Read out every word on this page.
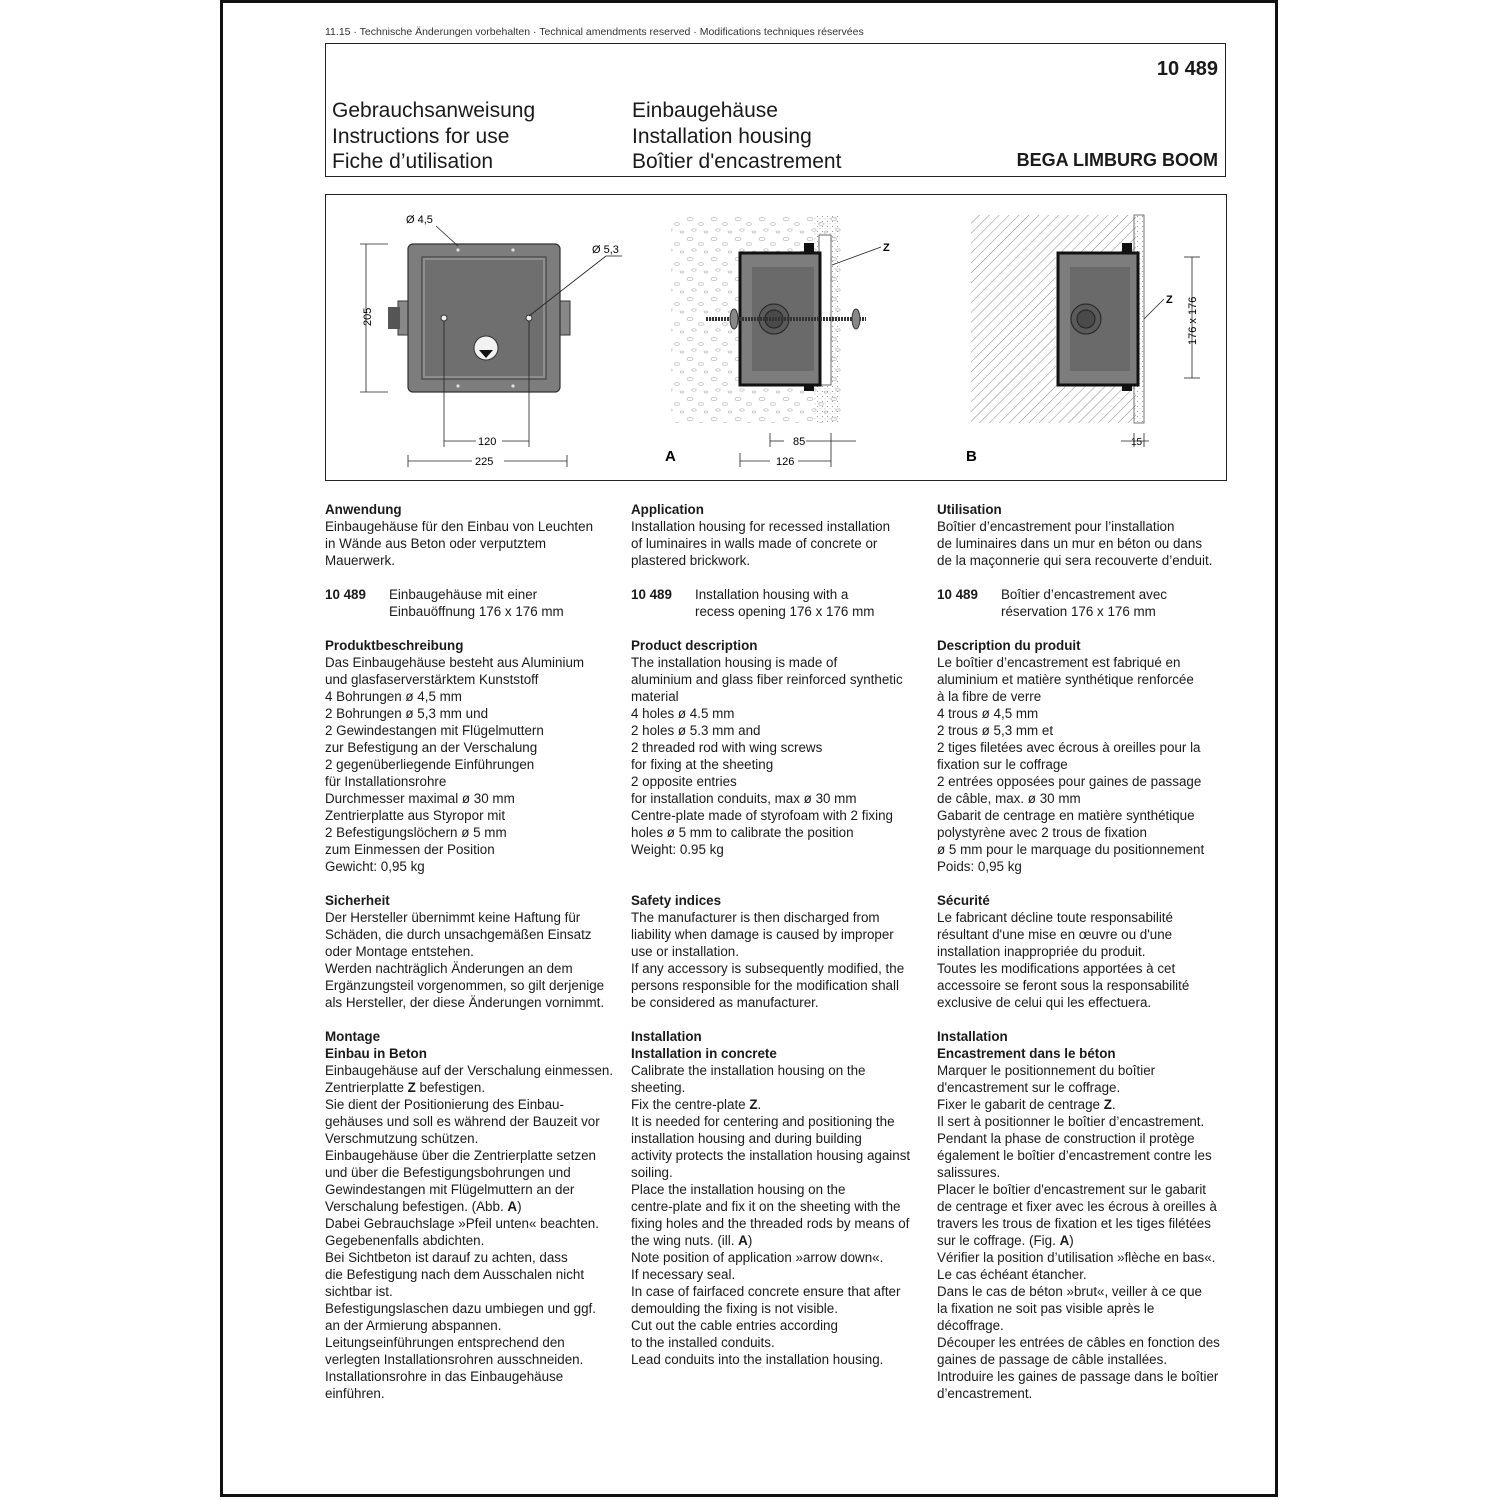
11.15 · Technische Änderungen vorbehalten · Technical amendments reserved · Modifications techniques réservées
10 489
Gebrauchsanweisung
Instructions for use
Fiche d’utilisation
Einbaugehäuse
Installation housing
Boîtier d'encastrement	BEGA LIMBURG BOOM
Ø 4,5
Ø 5,3
205
120
225
Z
85
126
A
Z 176 x 176
15
B
Anwendung

Einbaugehäuse für den Einbau von Leuchten

in Wände aus Beton oder verputztem

Mauerwerk.

10 489	Einbaugehäuse mit einer

Einbauöffnung 176 x 176 mm

Produktbeschreibung

Das Einbaugehäuse besteht aus Aluminium

und glasfaserverstärktem Kunststoff

4 Bohrungen ø 4,5 mm

2 Bohrungen ø 5,3 mm und

2 Gewindestangen mit Flügelmuttern

zur Befestigung an der Verschalung

2 gegenüberliegende Einführungen

für Installationsrohre

Durchmesser maximal ø 30 mm

Zentrierplatte aus Styropor mit

2 Befestigungslöchern ø 5 mm

zum Einmessen der Position

Gewicht: 0,95 kg

Sicherheit

Der Hersteller übernimmt keine Haftung für

Schäden, die durch unsachgemäßen Einsatz

oder Montage entstehen.

Werden nachträglich Änderungen an dem

Ergänzungsteil vorgenommen, so gilt derjenige

als Hersteller, der diese Änderungen vornimmt.

Montage
Einbau in Beton

Einbaugehäuse auf der Verschalung einmessen.

Zentrierplatte Z befestigen.

Sie dient der Positionierung des Einbau-

gehäuses und soll es während der Bauzeit vor

Verschmutzung schützen.

Einbaugehäuse über die Zentrierplatte setzen

und über die Befestigungsbohrungen und

Gewindestangen mit Flügelmuttern an der

Verschalung befestigen. (Abb. A)

Dabei Gebrauchslage »Pfeil unten« beachten.

Gegebenenfalls abdichten.

Bei Sichtbeton ist darauf zu achten, dass

die Befestigung nach dem Ausschalen nicht

sichtbar ist.

Befestigungslaschen dazu umbiegen und ggf.

an der Armierung abspannen.

Leitungseinführungen entsprechend den

verlegten Installationsrohren ausschneiden.

Installationsrohre in das Einbaugehäuse

einführen.

Application

Installation housing for recessed installation

of luminaires in walls made of concrete or

plastered brickwork.

10 489	Installation housing with a

recess opening 176 x 176 mm

Product description

The installation housing is made of

aluminium and glass fiber reinforced synthetic

material

4 holes ø 4.5 mm

2 holes ø 5.3 mm and

2 threaded rod with wing screws

for fixing at the sheeting

2 opposite entries

for installation conduits, max ø 30 mm

Centre-plate made of styrofoam with 2 fixing

holes ø 5 mm to calibrate the position

Weight: 0.95 kg

Safety indices

The manufacturer is then discharged from

liability when damage is caused by improper

use or installation.

If any accessory is subsequently modified, the

persons responsible for the modification shall

be considered as manufacturer.

Installation
Installation in concrete

Calibrate the installation housing on the

sheeting.

Fix the centre-plate Z.

It is needed for centering and positioning the

installation housing and during building

activity protects the installation housing against

soiling.

Place the installation housing on the

centre-plate and fix it on the sheeting with the

fixing holes and the threaded rods by means of

the wing nuts. (ill. A)

Note position of application »arrow down«.

If necessary seal.

In case of fairfaced concrete ensure that after

demoulding the fixing is not visible.

Cut out the cable entries according

to the installed conduits.

Lead conduits into the installation housing.

Utilisation

Boîtier d’encastrement pour l’installation

de luminaires dans un mur en béton ou dans

de la maçonnerie qui sera recouverte d’enduit.

10 489	Boîtier d’encastrement avec

réservation 176 x 176 mm

Description du produit

Le boîtier d’encastrement est fabriqué en

aluminium et matière synthétique renforcée

à la fibre de verre

4 trous ø 4,5 mm

2 trous ø 5,3 mm et

2 tiges filetées avec écrous à oreilles pour la

fixation sur le coffrage

2 entrées opposées pour gaines de passage

de câble, max. ø 30 mm

Gabarit de centrage en matière synthétique

polystyrène avec 2 trous de fixation

ø 5 mm pour le marquage du positionnement

Poids: 0,95 kg

Sécurité

Le fabricant décline toute responsabilité

résultant d'une mise en œuvre ou d'une

installation inappropriée du produit.

Toutes les modifications apportées à cet

accessoire se feront sous la responsabilité

exclusive de celui qui les effectuera.

Installation
Encastrement dans le béton

Marquer le positionnement du boîtier

d'encastrement sur le coffrage.

Fixer le gabarit de centrage Z.

Il sert à positionner le boîtier d’encastrement.

Pendant la phase de construction il protège

également le boîtier d’encastrement contre les

salissures.

Placer le boîtier d'encastrement sur le gabarit

de centrage et fixer avec les écrous à oreilles à

travers les trous de fixation et les tiges filétées

sur le coffrage. (Fig. A)

Vérifier la position d’utilisation »flèche en bas«.

Le cas échéant étancher.

Dans le cas de béton »brut«, veiller à ce que

la fixation ne soit pas visible après le

décoffrage.

Découper les entrées de câbles en fonction des

gaines de passage de câble installées.

Introduire les gaines de passage dans le boîtier

d’encastrement.
